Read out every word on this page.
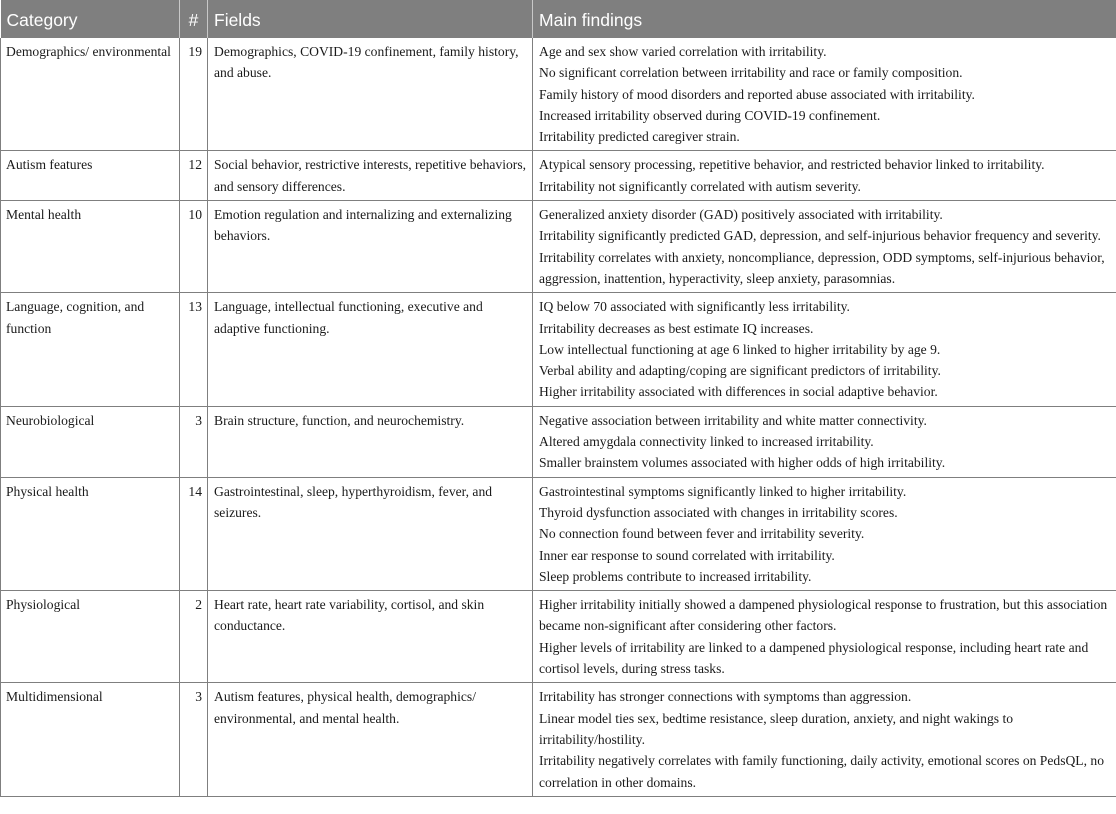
Category	#	Fields	Main findings
Demographics/ environmental	19	Demographics, COVID-19 confinement, family history, and abuse.	Age and sex show varied correlation with irritability.
No significant correlation between irritability and race or family composition.
Family history of mood disorders and reported abuse associated with irritability.
Increased irritability observed during COVID-19 confinement.
Irritability predicted caregiver strain.

Autism features	12	Social behavior, restrictive interests, repetitive behaviors, and sensory differences.	Atypical sensory processing, repetitive behavior, and restricted behavior linked to irritability.
Irritability not significantly correlated with autism severity.

Mental health	10	Emotion regulation and internalizing and externalizing behaviors.	Generalized anxiety disorder (GAD) positively associated with irritability.
Irritability significantly predicted GAD, depression, and self-injurious behavior frequency and severity.
Irritability correlates with anxiety, noncompliance, depression, ODD symptoms, self-injurious behavior, aggression, inattention, hyperactivity, sleep anxiety, parasomnias.

Language, cognition, and function	13	Language, intellectual functioning, executive and adaptive functioning.	IQ below 70 associated with significantly less irritability.
Irritability decreases as best estimate IQ increases.
Low intellectual functioning at age 6 linked to higher irritability by age 9.
Verbal ability and adapting/coping are significant predictors of irritability.
Higher irritability associated with differences in social adaptive behavior.

Neurobiological	3	Brain structure, function, and neurochemistry.	Negative association between irritability and white matter connectivity.
Altered amygdala connectivity linked to increased irritability.
Smaller brainstem volumes associated with higher odds of high irritability.

Physical health	14	Gastrointestinal, sleep, hyperthyroidism, fever, and seizures.	Gastrointestinal symptoms significantly linked to higher irritability.
Thyroid dysfunction associated with changes in irritability scores.
No connection found between fever and irritability severity.
Inner ear response to sound correlated with irritability.
Sleep problems contribute to increased irritability.

Physiological	2	Heart rate, heart rate variability, cortisol, and skin conductance.	Higher irritability initially showed a dampened physiological response to frustration, but this association became non-significant after considering other factors.
Higher levels of irritability are linked to a dampened physiological response, including heart rate and cortisol levels, during stress tasks.

Multidimensional	3	Autism features, physical health, demographics/ environmental, and mental health.	Irritability has stronger connections with symptoms than aggression.
Linear model ties sex, bedtime resistance, sleep duration, anxiety, and night wakings to irritability/hostility.
Irritability negatively correlates with family functioning, daily activity, emotional scores on PedsQL, no correlation in other domains.
